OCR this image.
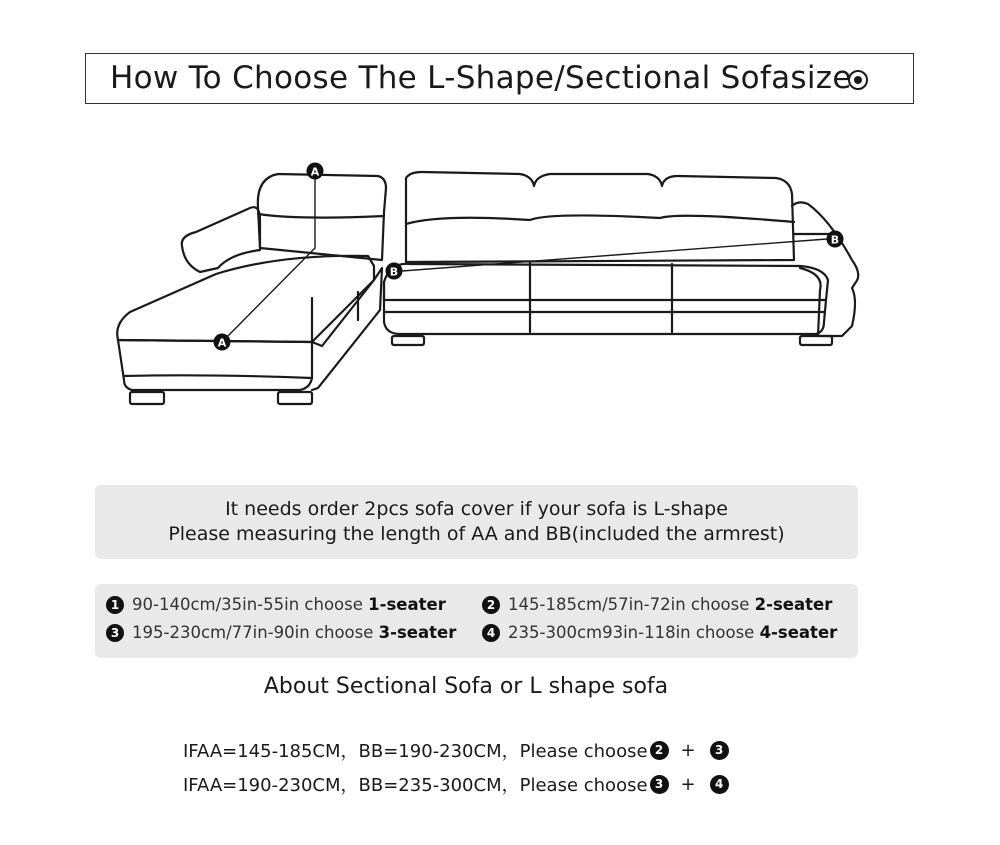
How To Choose The L-Shape/Sectional Sofasize
A
A
B
B
It needs order 2pcs sofa cover if your sofa is L-shape
Please measuring the length of AA and BB(included the armrest)
1 90-140cm/35in-55in choose 1-seater	2 145-185cm/57in-72in choose 2-seater
3 195-230cm/77in-90in choose 3-seater	4 235-300cm93in-118in choose 4-seater
About Sectional Sofa or L shape sofa
IFAA=145-185CM，BB=190-230CM，Please choose 2 +	3
IFAA=190-230CM，BB=235-300CM，Please choose 3 +	4
